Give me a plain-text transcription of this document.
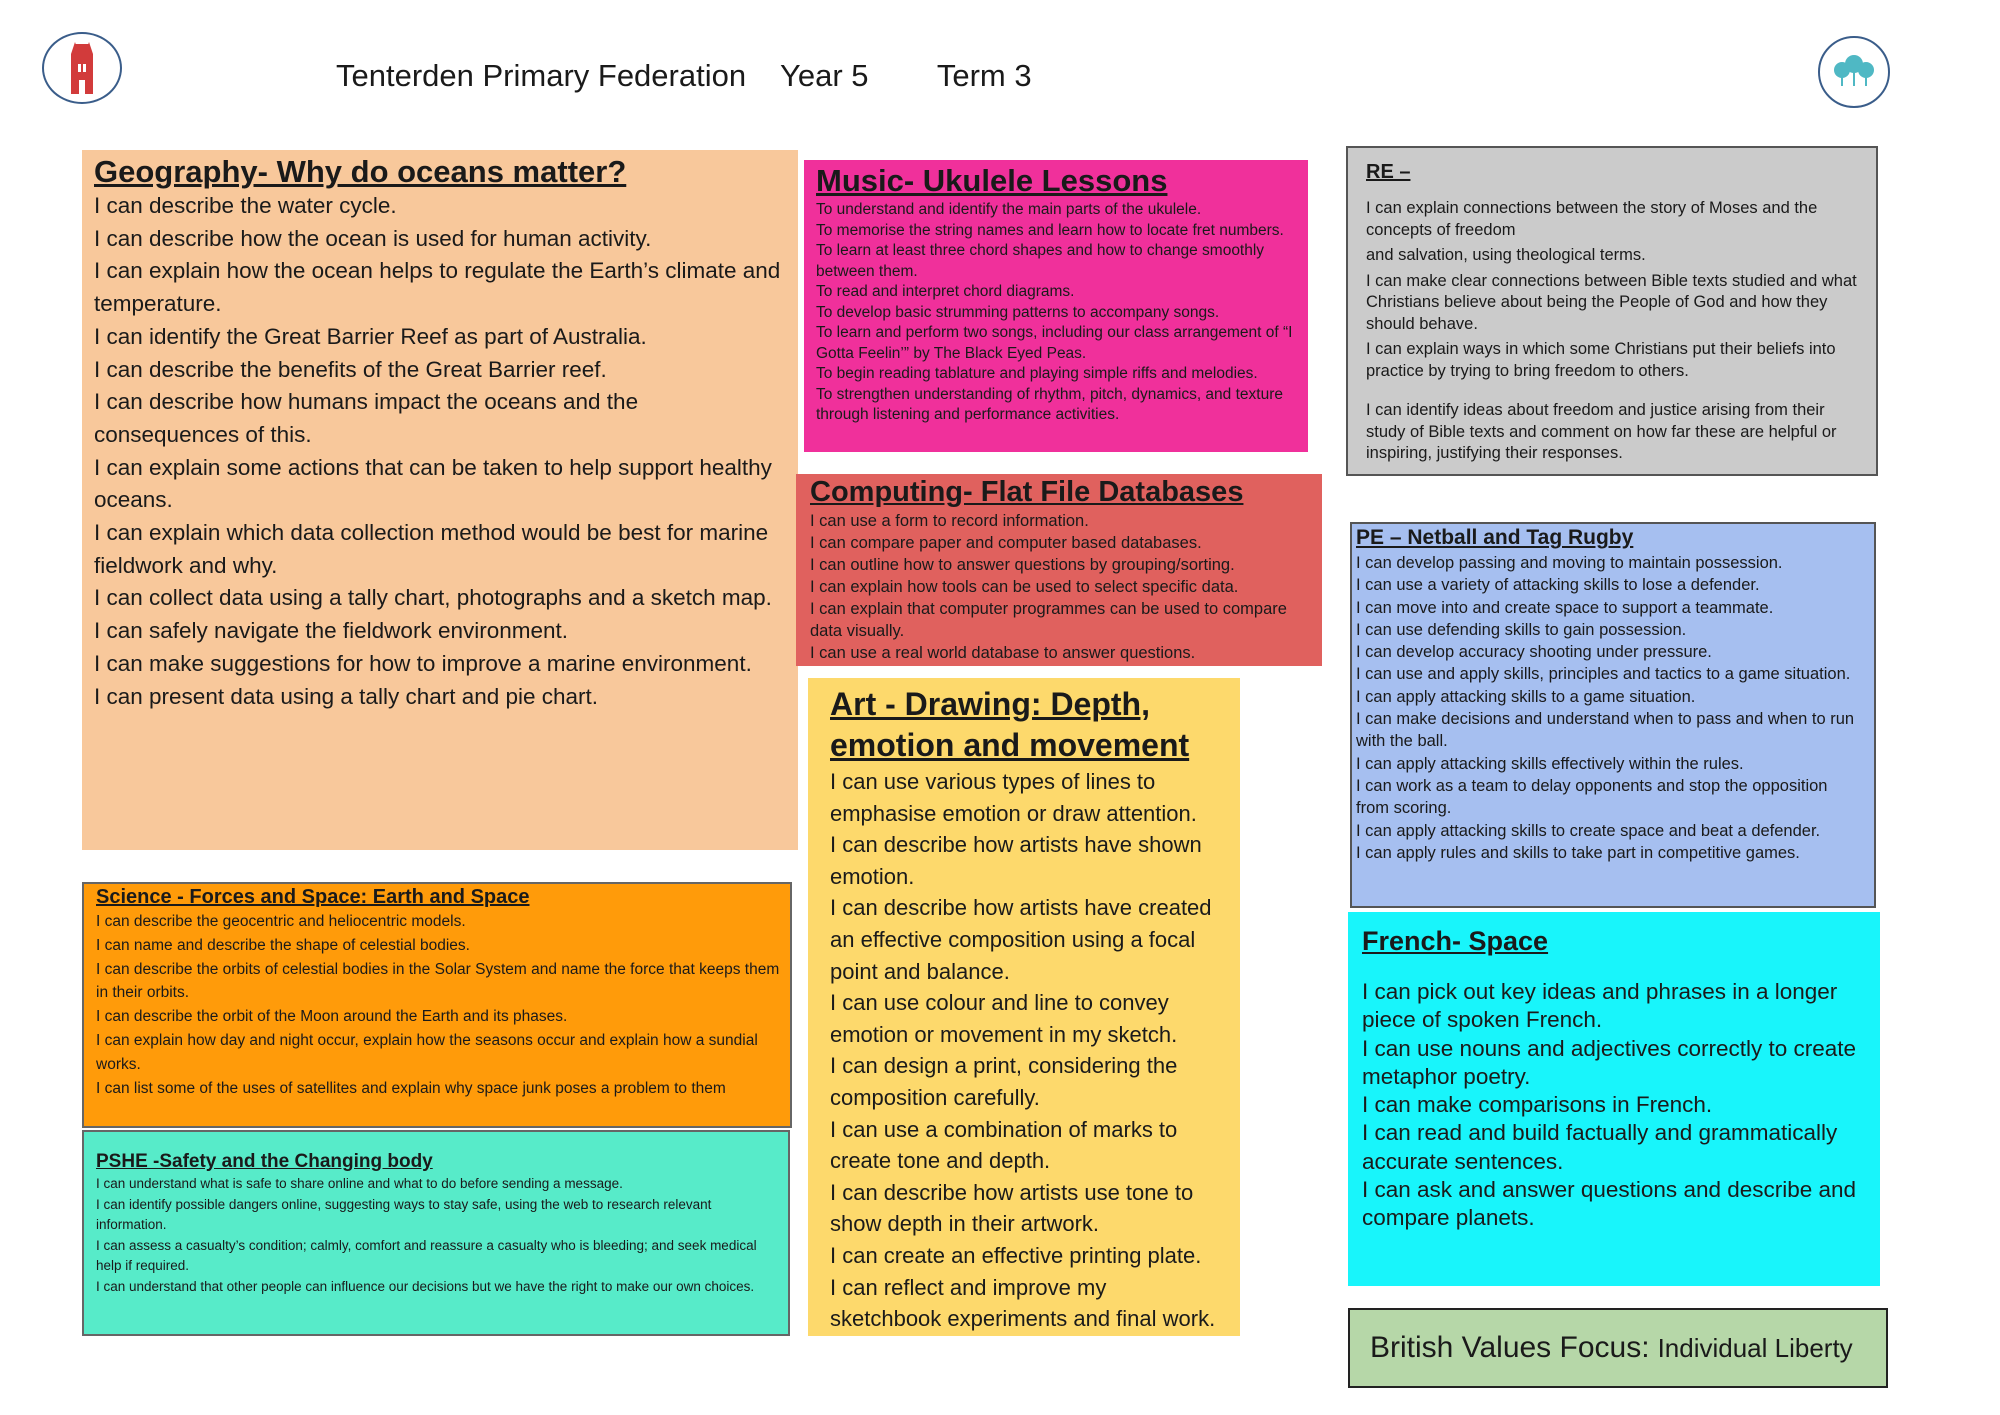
Tenterden Primary Federation Year 5 Term 3
Geography- Why do oceans matter?

I can describe the water cycle.

I can describe how the ocean is used for human activity.

I can explain how the ocean helps to regulate the Earth’s climate and temperature.

I can identify the Great Barrier Reef as part of Australia.

I can describe the benefits of the Great Barrier reef.

I can describe how humans impact the oceans and the consequences of this.

I can explain some actions that can be taken to help support healthy oceans.

I can explain which data collection method would be best for marine fieldwork and why.

I can collect data using a tally chart, photographs and a sketch map.

I can safely navigate the fieldwork environment.

I can make suggestions for how to improve a marine environment.

I can present data using a tally chart and pie chart.

Music- Ukulele Lessons

To understand and identify the main parts of the ukulele.

To memorise the string names and learn how to locate fret numbers.

To learn at least three chord shapes and how to change smoothly between them.

To read and interpret chord diagrams.

To develop basic strumming patterns to accompany songs.

To learn and perform two songs, including our class arrangement of “I Gotta Feelin’” by The Black Eyed Peas.

To begin reading tablature and playing simple riffs and melodies.

To strengthen understanding of rhythm, pitch, dynamics, and texture through listening and performance activities.

Computing- Flat File Databases

I can use a form to record information.

I can compare paper and computer based databases.

I can outline how to answer questions by grouping/sorting.

I can explain how tools can be used to select specific data.

I can explain that computer programmes can be used to compare data visually.

I can use a real world database to answer questions.

Art - Drawing: Depth, emotion and movement

I can use various types of lines to emphasise emotion or draw attention.

I can describe how artists have shown emotion.

I can describe how artists have created an effective composition using a focal point and balance.

I can use colour and line to convey emotion or movement in my sketch.

I can design a print, considering the composition carefully.

I can use a combination of marks to create tone and depth.

I can describe how artists use tone to show depth in their artwork.

I can create an effective printing plate.

I can reflect and improve my sketchbook experiments and final work.

RE –

I can explain connections between the story of Moses and the concepts of freedom

and salvation, using theological terms.

I can make clear connections between Bible texts studied and what Christians believe about being the People of God and how they should behave.

I can explain ways in which some Christians put their beliefs into practice by trying to bring freedom to others.

I can identify ideas about freedom and justice arising from their study of Bible texts and comment on how far these are helpful or inspiring, justifying their responses.

PE – Netball and Tag Rugby

I can develop passing and moving to maintain possession.

I can use a variety of attacking skills to lose a defender.

I can move into and create space to support a teammate.

I can use defending skills to gain possession.

I can develop accuracy shooting under pressure.

I can use and apply skills, principles and tactics to a game situation.

I can apply attacking skills to a game situation.

I can make decisions and understand when to pass and when to run with the ball.

I can apply attacking skills effectively within the rules.

I can work as a team to delay opponents and stop the opposition from scoring.

I can apply attacking skills to create space and beat a defender.

I can apply rules and skills to take part in competitive games.

French- Space

I can pick out key ideas and phrases in a longer piece of spoken French.

I can use nouns and adjectives correctly to create metaphor poetry.

I can make comparisons in French.

I can read and build factually and grammatically accurate sentences.

I can ask and answer questions and describe and compare planets.

Science - Forces and Space: Earth and Space

I can describe the geocentric and heliocentric models.

I can name and describe the shape of celestial bodies.

I can describe the orbits of celestial bodies in the Solar System and name the force that keeps them in their orbits.

I can describe the orbit of the Moon around the Earth and its phases.

I can explain how day and night occur, explain how the seasons occur and explain how a sundial works.

I can list some of the uses of satellites and explain why space junk poses a problem to them

PSHE -Safety and the Changing body

I can understand what is safe to share online and what to do before sending a message.

I can identify possible dangers online, suggesting ways to stay safe, using the web to research relevant information.

I can assess a casualty’s condition; calmly, comfort and reassure a casualty who is bleeding; and seek medical help if required.

I can understand that other people can influence our decisions but we have the right to make our own choices.

British Values Focus: Individual Liberty
